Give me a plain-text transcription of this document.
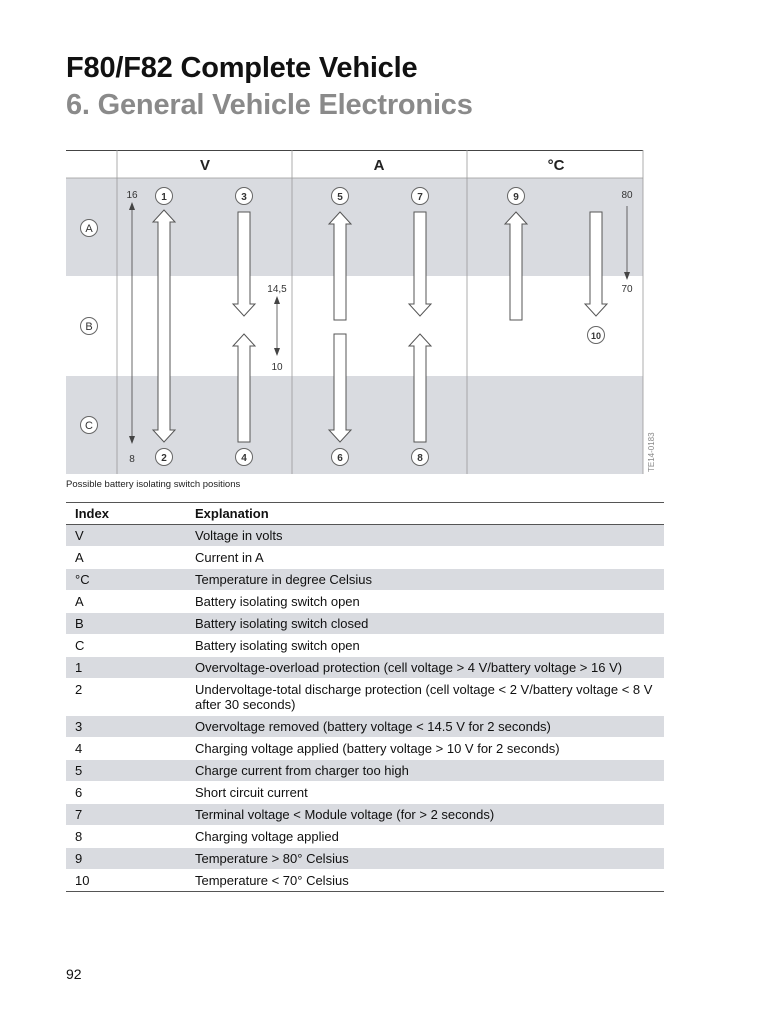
F80/F82 Complete Vehicle
6. General Vehicle Electronics
V	A	°C
A
B
C
16
8
14,5
10
80
70
1
2
3
4
5
6
7
8
9
10
TE14-0183
Possible battery isolating switch positions
Index	Explanation
V	Voltage in volts
A	Current in A
°C	Temperature in degree Celsius
A	Battery isolating switch open
B	Battery isolating switch closed
C	Battery isolating switch open
1	Overvoltage-overload protection (cell voltage > 4 V/battery voltage > 16 V)
2	Undervoltage-total discharge protection (cell voltage < 2 V/battery voltage < 8 V after 30 seconds)
3	Overvoltage removed (battery voltage < 14.5 V for 2 seconds)
4	Charging voltage applied (battery voltage > 10 V for 2 seconds)
5	Charge current from charger too high
6	Short circuit current
7	Terminal voltage < Module voltage (for > 2 seconds)
8	Charging voltage applied
9	Temperature > 80° Celsius
10	Temperature < 70° Celsius
92
